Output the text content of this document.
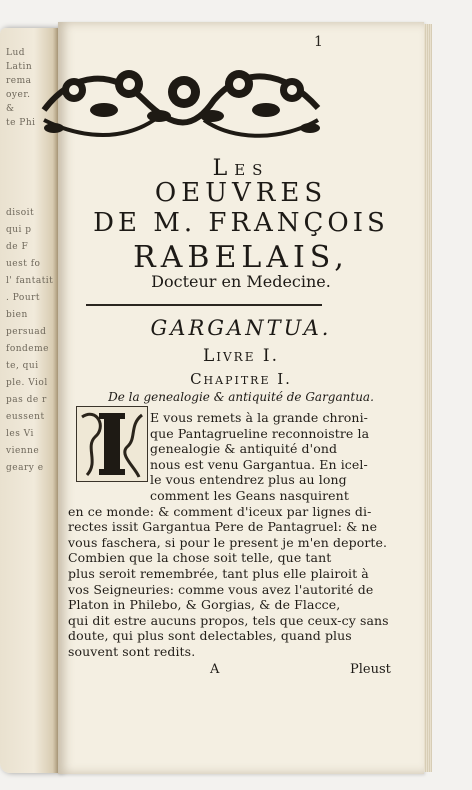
Lud
Latin
rema
oyer.
&
te Phi
disoit
qui p
de F
uest fo
l' fantatit
. Pourt
bien
persuad
fondeme
te, qui
ple. Viol
pas de r
eussent
les Vi
vienne
geary e
1
Les
OEUVRES
DE M. FRANÇOIS
RABELAIS,
Docteur en Medecine.
GARGANTUA.
Livre I.
Chapitre I.
De la genealogie & antiquité de Gargantua.
E vous remets à la grande chroni-
que Pantagrueline reconnoistre la
genealogie & antiquité d'ond
nous est venu Gargantua. En icel-
le vous entendrez plus au long
comment les Geans nasquirent
en ce monde: & comment d'iceux par lignes di-
rectes issit Gargantua Pere de Pantagruel: & ne
vous faschera, si pour le present je m'en deporte.
Combien que la chose soit telle, que tant
plus seroit remembrée, tant plus elle plairoit à
vos Seigneuries: comme vous avez l'autorité de
Platon in Philebo, & Gorgias, & de Flacce,
qui dit estre aucuns propos, tels que ceux-cy sans
doute, qui plus sont delectables, quand plus
souvent sont redits.
A	Pleust
